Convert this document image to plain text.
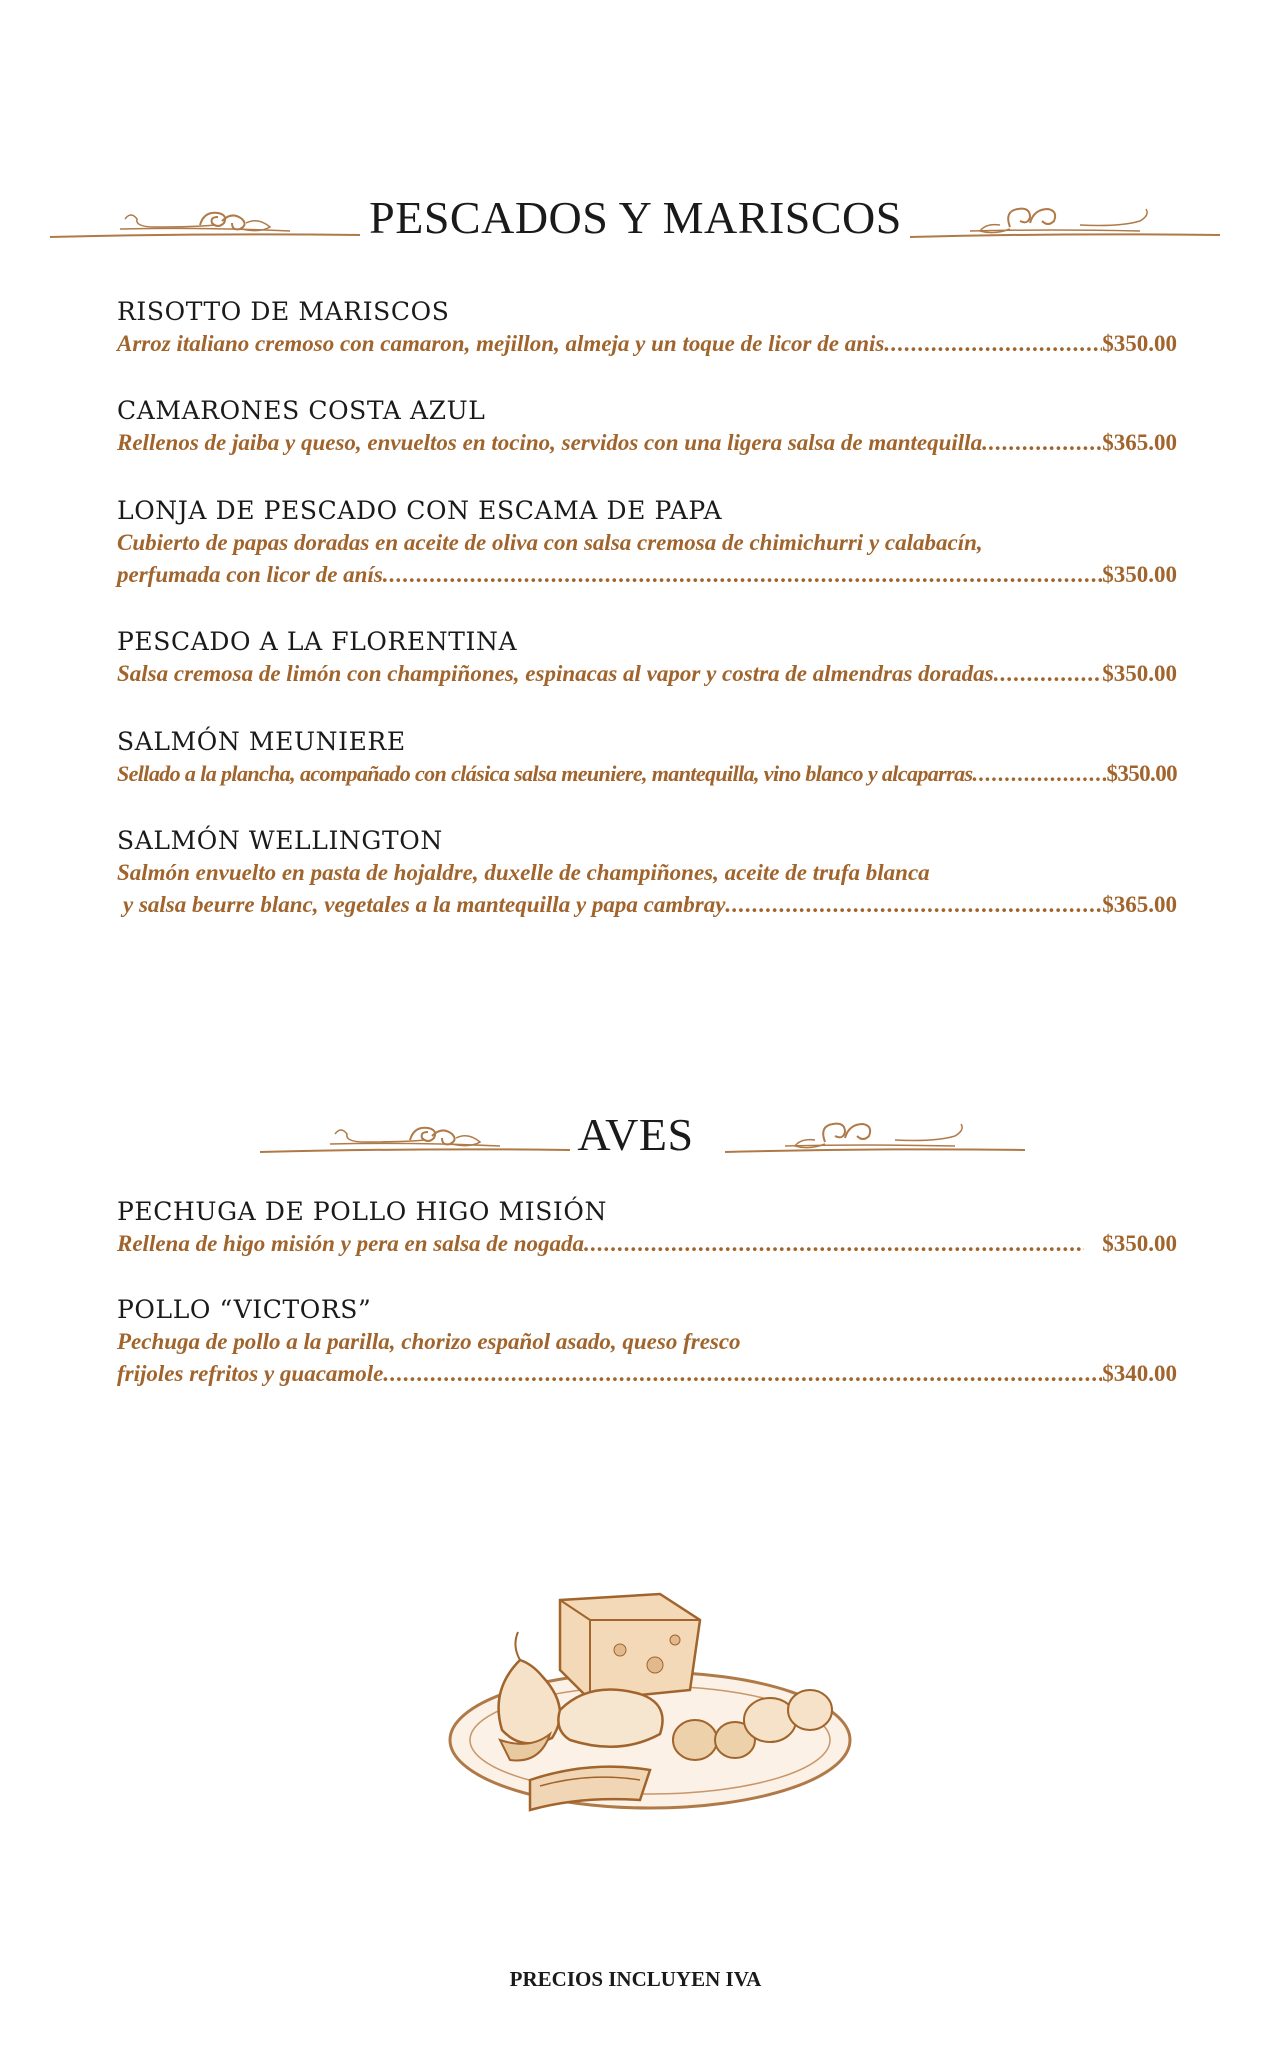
PESCADOS Y MARISCOS
RISOTTO DE MARISCOS
Arroz italiano cremoso con camaron, mejillon, almeja y un toque de licor de anis .....	$350.00
CAMARONES COSTA AZUL
Rellenos de jaiba y queso, envueltos en tocino, servidos con una ligera salsa de mantequilla .....	$365.00
LONJA DE PESCADO CON ESCAMA DE PAPA
Cubierto de papas doradas en aceite de oliva con salsa cremosa de chimichurri y calabacín,
perfumada con licor de anís .....	$350.00
PESCADO A LA FLORENTINA
Salsa cremosa de limón con champiñones, espinacas al vapor y costra de almendras doradas .....	$350.00
SALMÓN MEUNIERE
Sellado a la plancha, acompañado con clásica salsa meuniere, mantequilla, vino blanco y alcaparras .....	$350.00
SALMÓN WELLINGTON
Salmón envuelto en pasta de hojaldre, duxelle de champiñones, aceite de trufa blanca
y salsa beurre blanc, vegetales a la mantequilla y papa cambray .....	$365.00
AVES
PECHUGA DE POLLO HIGO MISIÓN
Rellena de higo misión y pera en salsa de nogada .....	$350.00
POLLO “VICTORS”
Pechuga de pollo a la parilla, chorizo español asado, queso fresco
frijoles refritos y guacamole .....	$340.00
PRECIOS INCLUYEN IVA
